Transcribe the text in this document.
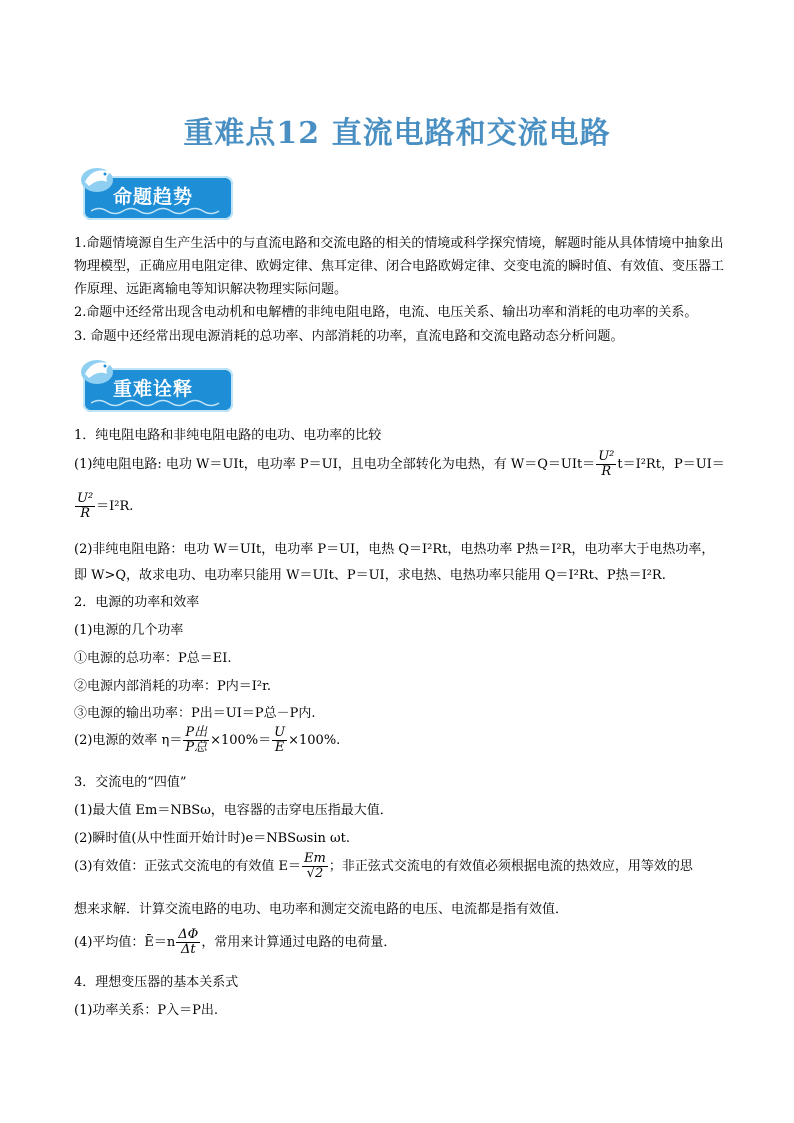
重难点12 直流电路和交流电路
命题趋势
1.命题情境源自生产生活中的与直流电路和交流电路的相关的情境或科学探究情境，解题时能从具体情境中抽象出物理模型，正确应用电阻定律、欧姆定律、焦耳定律、闭合电路欧姆定律、交变电流的瞬时值、有效值、变压器工作原理、远距离输电等知识解决物理实际问题。
2.命题中还经常出现含电动机和电解槽的非纯电阻电路，电流、电压关系、输出功率和消耗的电功率的关系。
3. 命题中还经常出现电源消耗的总功率、内部消耗的功率，直流电路和交流电路动态分析问题。
重难诠释
1．纯电阻电路和非纯电阻电路的电功、电功率的比较
(1)纯电阻电路: 电功 W＝UIt，电功率 P＝UI，且电功全部转化为电热，有 $W=Q=UIt= \frac{\text{U²}}{R} t=I^2Rt$，P＝UI＝
$\frac{\text{U²}}{R} =I^2R$.
(2)非纯电阻电路：电功 W＝UIt，电功率 P＝UI，电热 Q＝I²Rt，电热功率 P热＝I²R，电功率大于电热功率，
即 W>Q，故求电功、电功率只能用 W＝UIt、P＝UI，求电热、电热功率只能用 Q＝I²Rt、P热＝I²R.
2．电源的功率和效率
(1)电源的几个功率
①电源的总功率：P总＝EI.
②电源内部消耗的功率：P内＝I²r.
③电源的输出功率：P出＝UI＝P总－P内.
(2)电源的效率 $\eta= \frac{\text{P出}}{\text{P总}} \times 100\%= \frac{U}{E} \times 100\%$.
3．交流电的“四值”
(1)最大值 Em＝NBSω，电容器的击穿电压指最大值．
(2)瞬时值(从中性面开始计时)e＝NBSωsin ωt.
(3)有效值：正弦式交流电的有效值 $E= \frac{Em}{√2}$ ；非正弦式交流电的有效值必须根据电流的热效应，用等效的思
想来求解．计算交流电路的电功、电功率和测定交流电路的电压、电流都是指有效值．
(4)平均值：Ē＝n $\frac{\Delta\Phi}{\Delta t}$ ，常用来计算通过电路的电荷量．
4．理想变压器的基本关系式
(1)功率关系：P入＝P出.
